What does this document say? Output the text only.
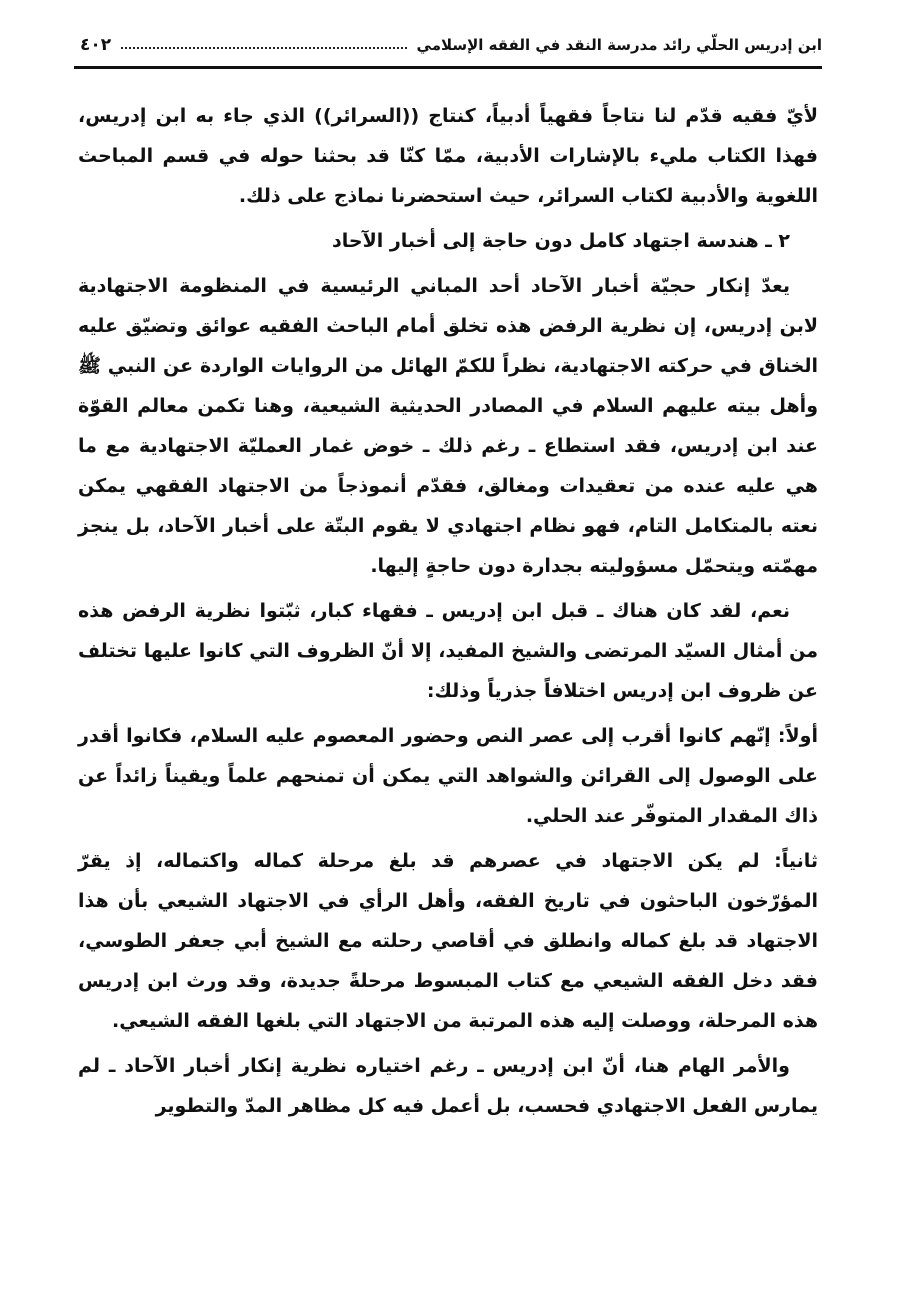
ابن إدريس الحلّي رائد مدرسة النقد في الفقه الإسلامي
٤٠٢

لأيّ فقيه قدّم لنا نتاجاً فقهياً أدبياً، كنتاج ((السرائر)) الذي جاء به ابن إدريس، فهذا الكتاب مليء بالإشارات الأدبية، ممّا كنّا قد بحثنا حوله في قسم المباحث اللغوية والأدبية لكتاب السرائر، حيث استحضرنا نماذج على ذلك.

٢ ـ هندسة اجتهاد كامل دون حاجة إلى أخبار الآحاد

يعدّ إنكار حجيّة أخبار الآحاد أحد المباني الرئيسية في المنظومة الاجتهادية لابن إدريس، إن نظرية الرفض هذه تخلق أمام الباحث الفقيه عوائق وتضيّق عليه الخناق في حركته الاجتهادية، نظراً للكمّ الهائل من الروايات الواردة عن النبي ﷺ وأهل بيته عليهم السلام في المصادر الحديثية الشيعية، وهنا تكمن معالم القوّة عند ابن إدريس، فقد استطاع ـ رغم ذلك ـ خوض غمار العمليّة الاجتهادية مع ما هي عليه عنده من تعقيدات ومغالق، فقدّم أنموذجاً من الاجتهاد الفقهي يمكن نعته بالمتكامل التام، فهو نظام اجتهادي لا يقوم البتّة على أخبار الآحاد، بل ينجز مهمّته ويتحمّل مسؤوليته بجدارة دون حاجةٍ إليها.

نعم، لقد كان هناك ـ قبل ابن إدريس ـ فقهاء كبار، ثبّتوا نظرية الرفض هذه من أمثال السيّد المرتضى والشيخ المفيد، إلا أنّ الظروف التي كانوا عليها تختلف عن ظروف ابن إدريس اختلافاً جذرياً وذلك:

أولاً: إنّهم كانوا أقرب إلى عصر النص وحضور المعصوم عليه السلام، فكانوا أقدر على الوصول إلى القرائن والشواهد التي يمكن أن تمنحهم علماً ويقيناً زائداً عن ذاك المقدار المتوفّر عند الحلي.

ثانياً: لم يكن الاجتهاد في عصرهم قد بلغ مرحلة كماله واكتماله، إذ يقرّ المؤرّخون الباحثون في تاريخ الفقه، وأهل الرأي في الاجتهاد الشيعي بأن هذا الاجتهاد قد بلغ كماله وانطلق في أقاصي رحلته مع الشيخ أبي جعفر الطوسي، فقد دخل الفقه الشيعي مع كتاب المبسوط مرحلةً جديدة، وقد ورث ابن إدريس هذه المرحلة، ووصلت إليه هذه المرتبة من الاجتهاد التي بلغها الفقه الشيعي.

والأمر الهام هنا، أنّ ابن إدريس ـ رغم اختياره نظرية إنكار أخبار الآحاد ـ لم يمارس الفعل الاجتهادي فحسب، بل أعمل فيه كل مظاهر المدّ والتطوير
